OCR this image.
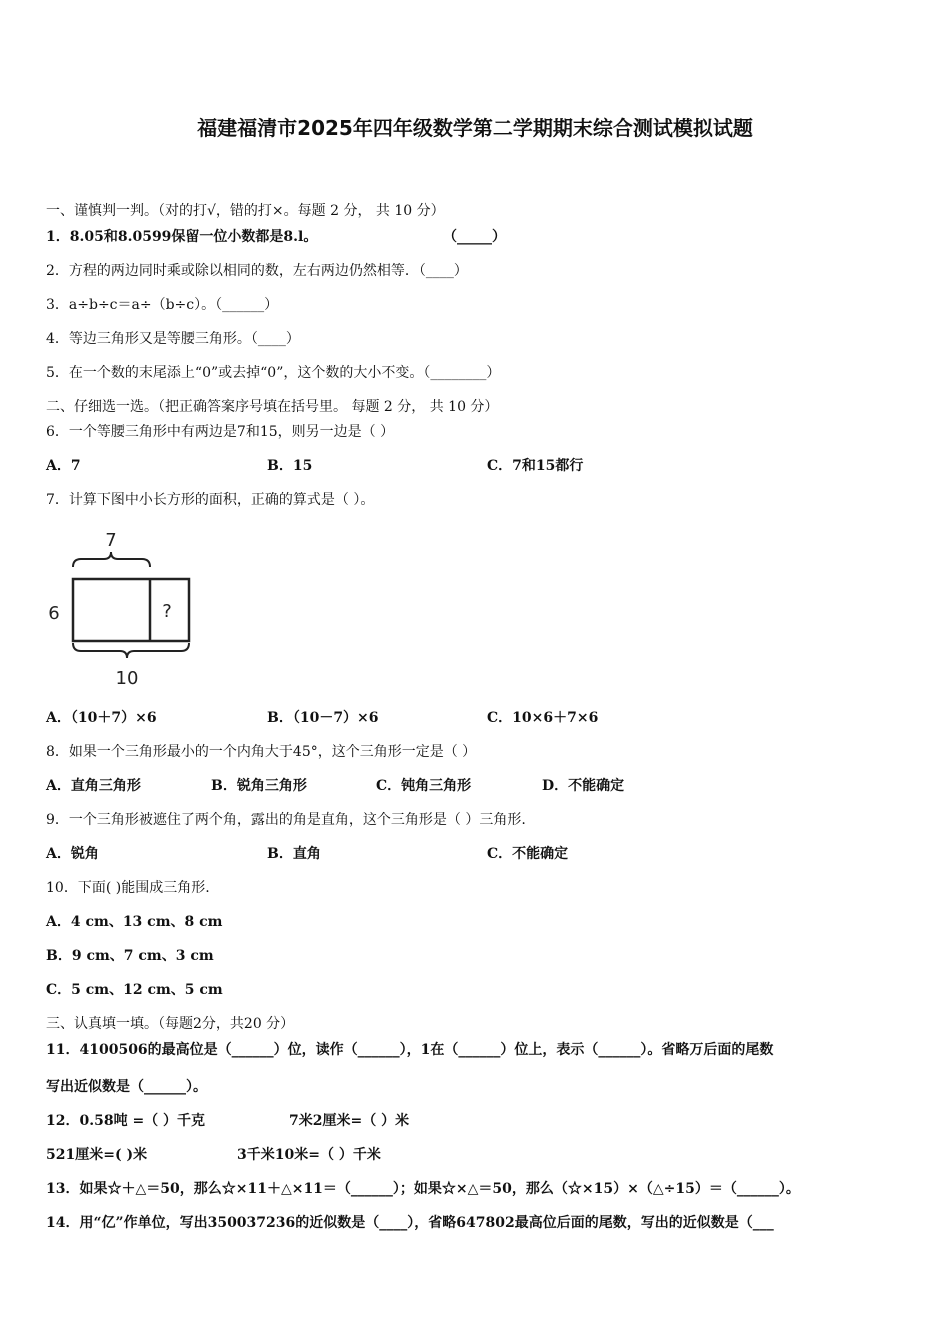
福建福清市2025年四年级数学第二学期期末综合测试模拟试题
一、谨慎判一判。（对的打√，错的打×。每题 2 分， 共 10 分）
1．8.05和8.0599保留一位小数都是8.l。	（_____）
2．方程的两边同时乘或除以相同的数，左右两边仍然相等．（____）
3．a÷b÷c＝a÷（b÷c）。（______）
4．等边三角形又是等腰三角形。（____）
5．在一个数的末尾添上“0”或去掉“0”，这个数的大小不变。（________）
二、仔细选一选。（把正确答案序号填在括号里。 每题 2 分， 共 10 分）
6．一个等腰三角形中有两边是7和15，则另一边是（ ）
A．7	B．15	C．7和15都行
7．计算下图中小长方形的面积，正确的算式是（ ）。
7
6	?
10
A．（10＋7）×6	B．（10－7）×6	C．10×6＋7×6
8．如果一个三角形最小的一个内角大于45°，这个三角形一定是（ ）
A．直角三角形	B．锐角三角形	C．钝角三角形	D．不能确定
9．一个三角形被遮住了两个角，露出的角是直角，这个三角形是（ ）三角形.
A．锐角	B．直角	C．不能确定
10．下面( )能围成三角形.
A．4 cm、13 cm、8 cm
B．9 cm、7 cm、3 cm
C．5 cm、12 cm、5 cm
三、认真填一填。（每题2分，共20 分）
11．4100506的最高位是（______）位，读作（______），1在（______）位上，表示（______）。省略万后面的尾数
写出近似数是（______）。
12．0.58吨 =（ ）千克	7米2厘米=（ ）米
521厘米=( )米	3千米10米=（ ）千米
13．如果☆＋△＝50，那么☆×11＋△×11＝（______）；如果☆×△＝50，那么（☆×15）×（△÷15）＝（______）。
14．用“亿”作单位，写出350037236的近似数是（____），省略647802最高位后面的尾数，写出的近似数是（___
